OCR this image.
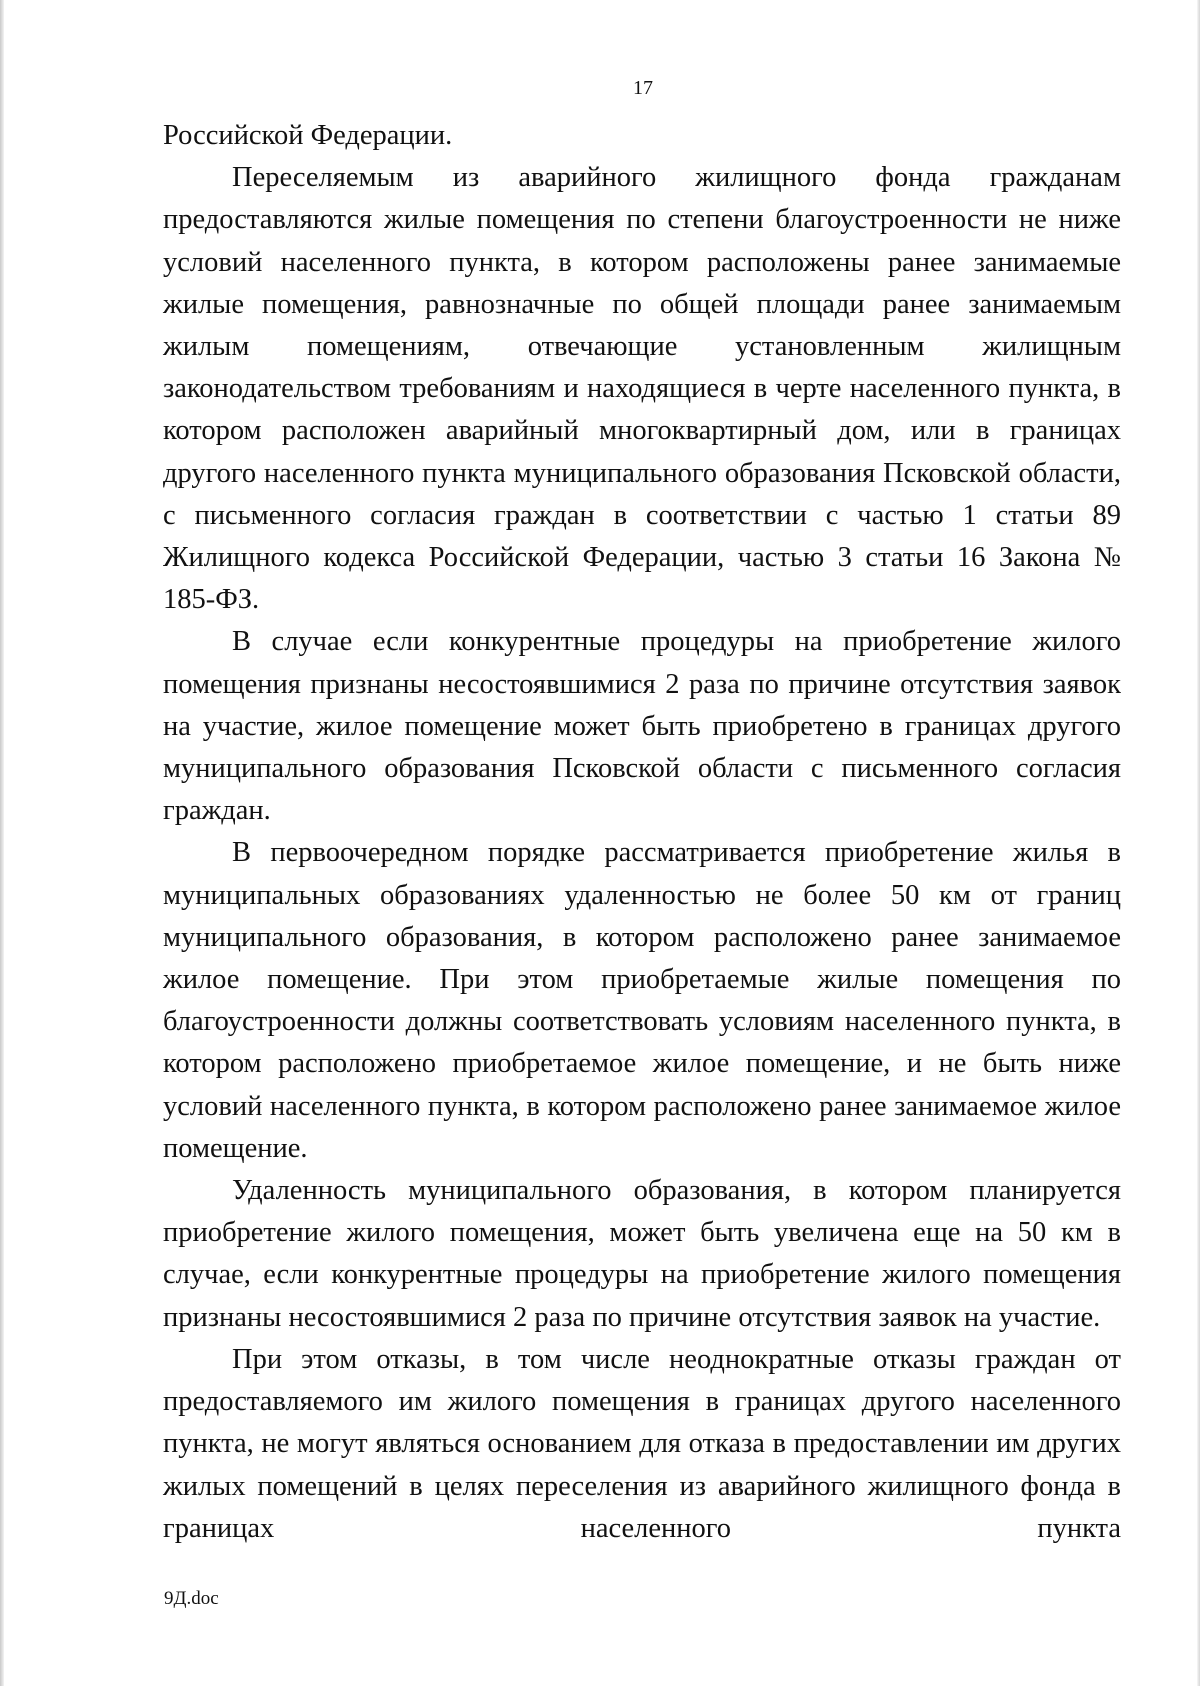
17

Российской Федерации.

Переселяемым из аварийного жилищного фонда гражданам предоставляются жилые помещения по степени благоустроенности не ниже условий населенного пункта, в котором расположены ранее занимаемые жилые помещения, равнозначные по общей площади ранее занимаемым жилым помещениям, отвечающие установленным жилищным законодательством требованиям и находящиеся в черте населенного пункта, в котором расположен аварийный многоквартирный дом, или в границах другого населенного пункта муниципального образования Псковской области, с письменного согласия граждан в соответствии с частью 1 статьи 89 Жилищного кодекса Российской Федерации, частью 3 статьи 16 Закона № 185-ФЗ.

В случае если конкурентные процедуры на приобретение жилого помещения признаны несостоявшимися 2 раза по причине отсутствия заявок на участие, жилое помещение может быть приобретено в границах другого муниципального образования Псковской области с письменного согласия граждан.

В первоочередном порядке рассматривается приобретение жилья в муниципальных образованиях удаленностью не более 50 км от границ муниципального образования, в котором расположено ранее занимаемое жилое помещение. При этом приобретаемые жилые помещения по благоустроенности должны соответствовать условиям населенного пункта, в котором расположено приобретаемое жилое помещение, и не быть ниже условий населенного пункта, в котором расположено ранее занимаемое жилое помещение.

Удаленность муниципального образования, в котором планируется приобретение жилого помещения, может быть увеличена еще на 50 км в случае, если конкурентные процедуры на приобретение жилого помещения признаны несостоявшимися 2 раза по причине отсутствия заявок на участие.

При этом отказы, в том числе неоднократные отказы граждан от предоставляемого им жилого помещения в границах другого населенного пункта, не могут являться основанием для отказа в предоставлении им других жилых помещений в целях переселения из аварийного жилищного фонда в границах населенного пункта

9Д.doc
